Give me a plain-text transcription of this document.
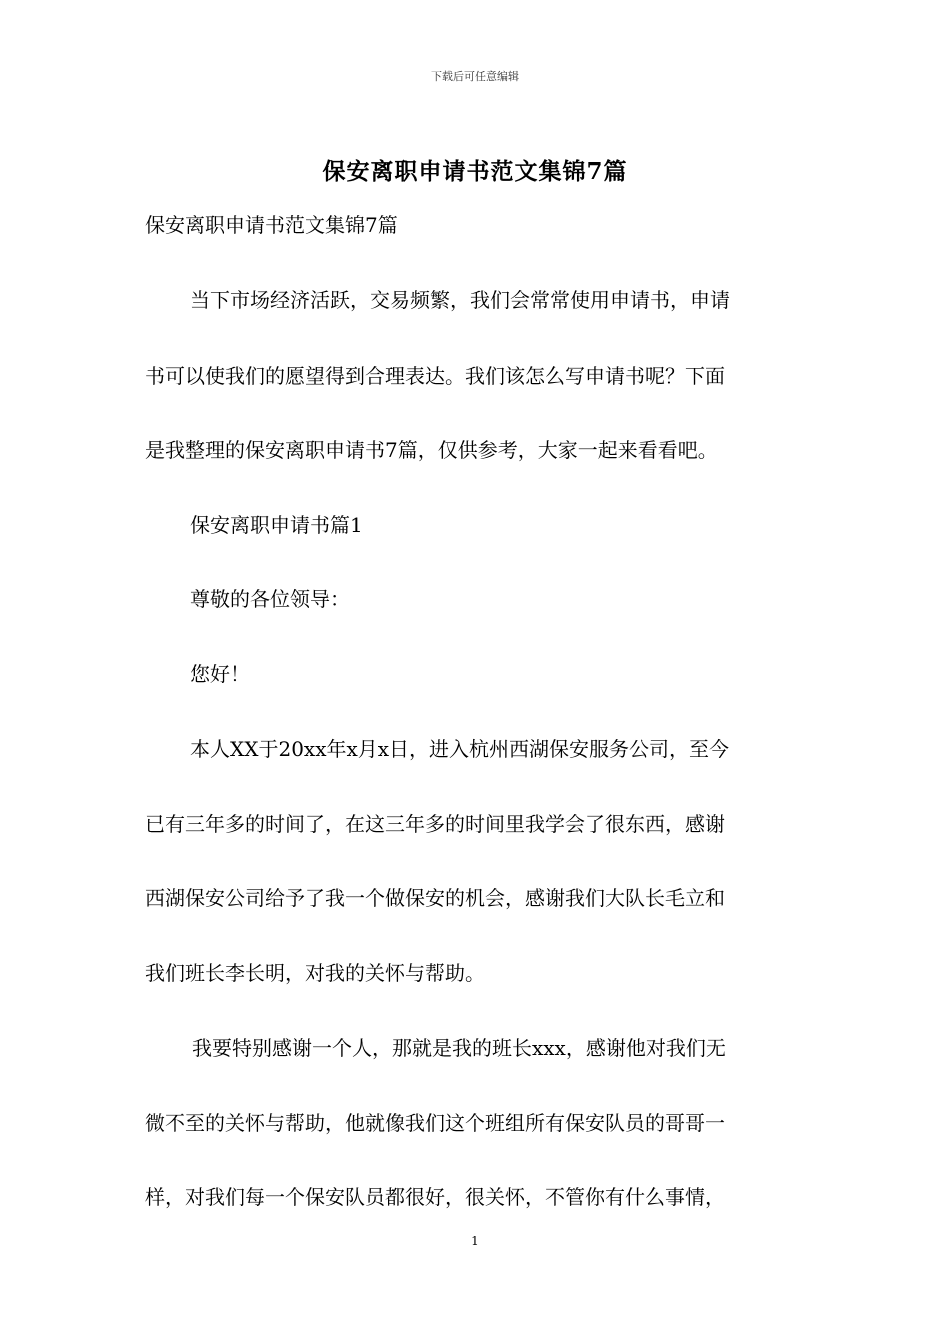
下载后可任意编辑
保安离职申请书范文集锦7篇
保安离职申请书范文集锦7篇
当下市场经济活跃，交易频繁，我们会常常使用申请书，申请
书可以使我们的愿望得到合理表达。我们该怎么写申请书呢？下面
是我整理的保安离职申请书7篇，仅供参考，大家一起来看看吧。
保安离职申请书篇1
尊敬的各位领导：
您好！
本人XX于20xx年x月x日，进入杭州西湖保安服务公司，至今
已有三年多的时间了，在这三年多的时间里我学会了很东西，感谢
西湖保安公司给予了我一个做保安的机会，感谢我们大队长毛立和
我们班长李长明，对我的关怀与帮助。
我要特别感谢一个人，那就是我的班长xxx，感谢他对我们无
微不至的关怀与帮助，他就像我们这个班组所有保安队员的哥哥一
样，对我们每一个保安队员都很好，很关怀，不管你有什么事情，
1
